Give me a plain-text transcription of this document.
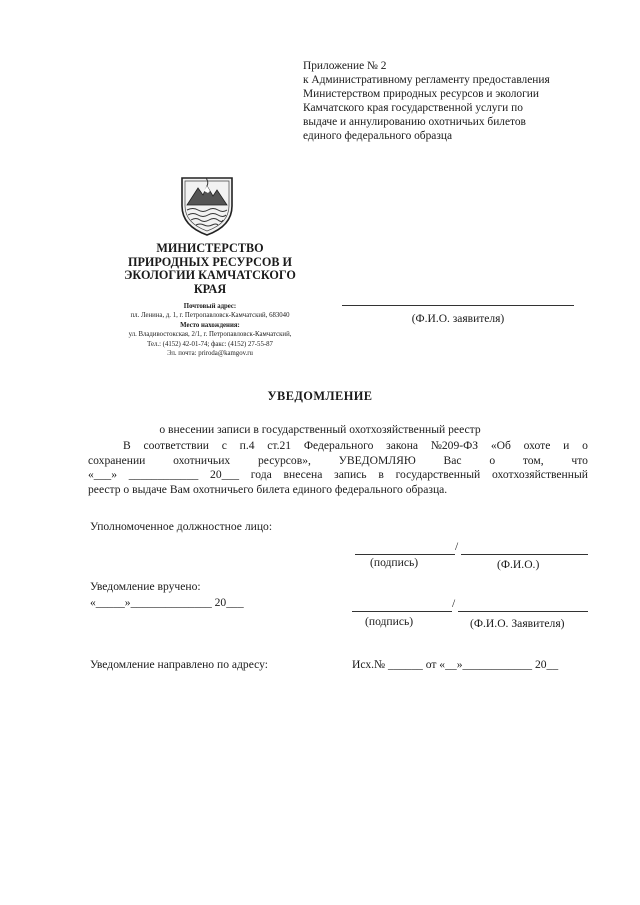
Приложение № 2
к Административному регламенту предоставления
Министерством природных ресурсов и экологии
Камчатского края государственной услуги по
выдаче и аннулированию охотничьих билетов
единого федерального образца
МИНИСТЕРСТВО
ПРИРОДНЫХ РЕСУРСОВ И
ЭКОЛОГИИ КАМЧАТСКОГО
КРАЯ
Почтовый адрес:
пл. Ленина, д. 1, г. Петропавловск-Камчатский, 683040
Место нахождения:
ул. Владивостокская, 2/1, г. Петропавловск-Камчатский,
Тел.: (4152) 42-01-74; факс: (4152) 27-55-87
Эл. почта: priroda@kamgov.ru
(Ф.И.О. заявителя)
УВЕДОМЛЕНИЕ
о внесении записи в государственный охотхозяйственный реестр
В соответствии с п.4 ст.21 Федерального закона №209-ФЗ «Об охоте и о
сохранении охотничьих ресурсов», УВЕДОМЛЯЮ Вас о том, что
«___» ____________ 20___ года внесена запись в государственный охотхозяйственный
реестр о выдаче Вам охотничьего билета единого федерального образца.
Уполномоченное должностное лицо:
/
(подпись)	(Ф.И.О.)
Уведомление вручено:
«_____»______________ 20___	/
(подпись)	(Ф.И.О. Заявителя)
Уведомление направлено по адресу:	Исх.№ ______ от «__»____________ 20__
